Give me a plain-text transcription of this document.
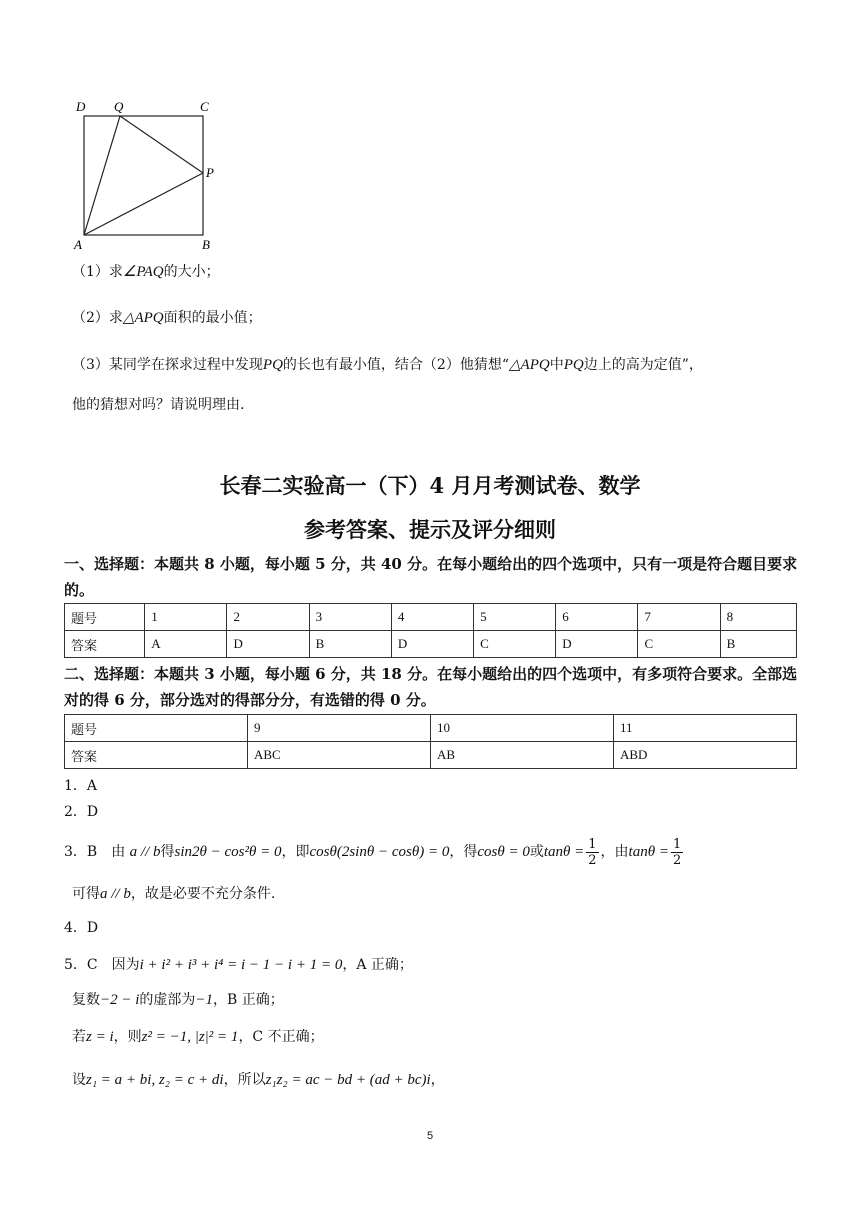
D Q	C
P
A	B
（1）求∠PAQ的大小；
（2）求△APQ面积的最小值；
（3）某同学在探求过程中发现PQ的长也有最小值，结合（2）他猜想“△APQ中PQ边上的高为定值”，
他的猜想对吗？请说明理由.
长春二实验高一（下）4 月月考测试卷、数学
参考答案、提示及评分细则
一、选择题：本题共 8 小题，每小题 5 分，共 40 分。在每小题给出的四个选项中，只有一项是符合题目要求的。
题号	1	2	3	4	5	6	7	8
答案	A	D	B	D	C	D	C	B
二、选择题：本题共 3 小题，每小题 6 分，共 18 分。在每小题给出的四个选项中，有多项符合要求。全部选对的得 6 分，部分选对的得部分分，有选错的得 0 分。
题号	9	10	11
答案	ABC	AB	ABD
1．A
2．D
3．B　由 a // b得sin2θ − cos²θ = 0，即cosθ(2sinθ − cosθ) = 0，得cosθ = 0或$\tan\theta = \frac{1}{2}$ ，由$\tan\theta = \frac{1}{2}$
可得a // b，故是必要不充分条件.
4．D
5．C　因为i + i² + i³ + i⁴ = i − 1 − i + 1 = 0，A 正确；
复数−2 − i的虚部为−1，B 正确；
若z = i，则z² = −1, |z|² = 1，C 不正确；
设z₁ = a + bi, z₂ = c + di，所以z₁z₂ = ac − bd + (ad + bc)i，
5
